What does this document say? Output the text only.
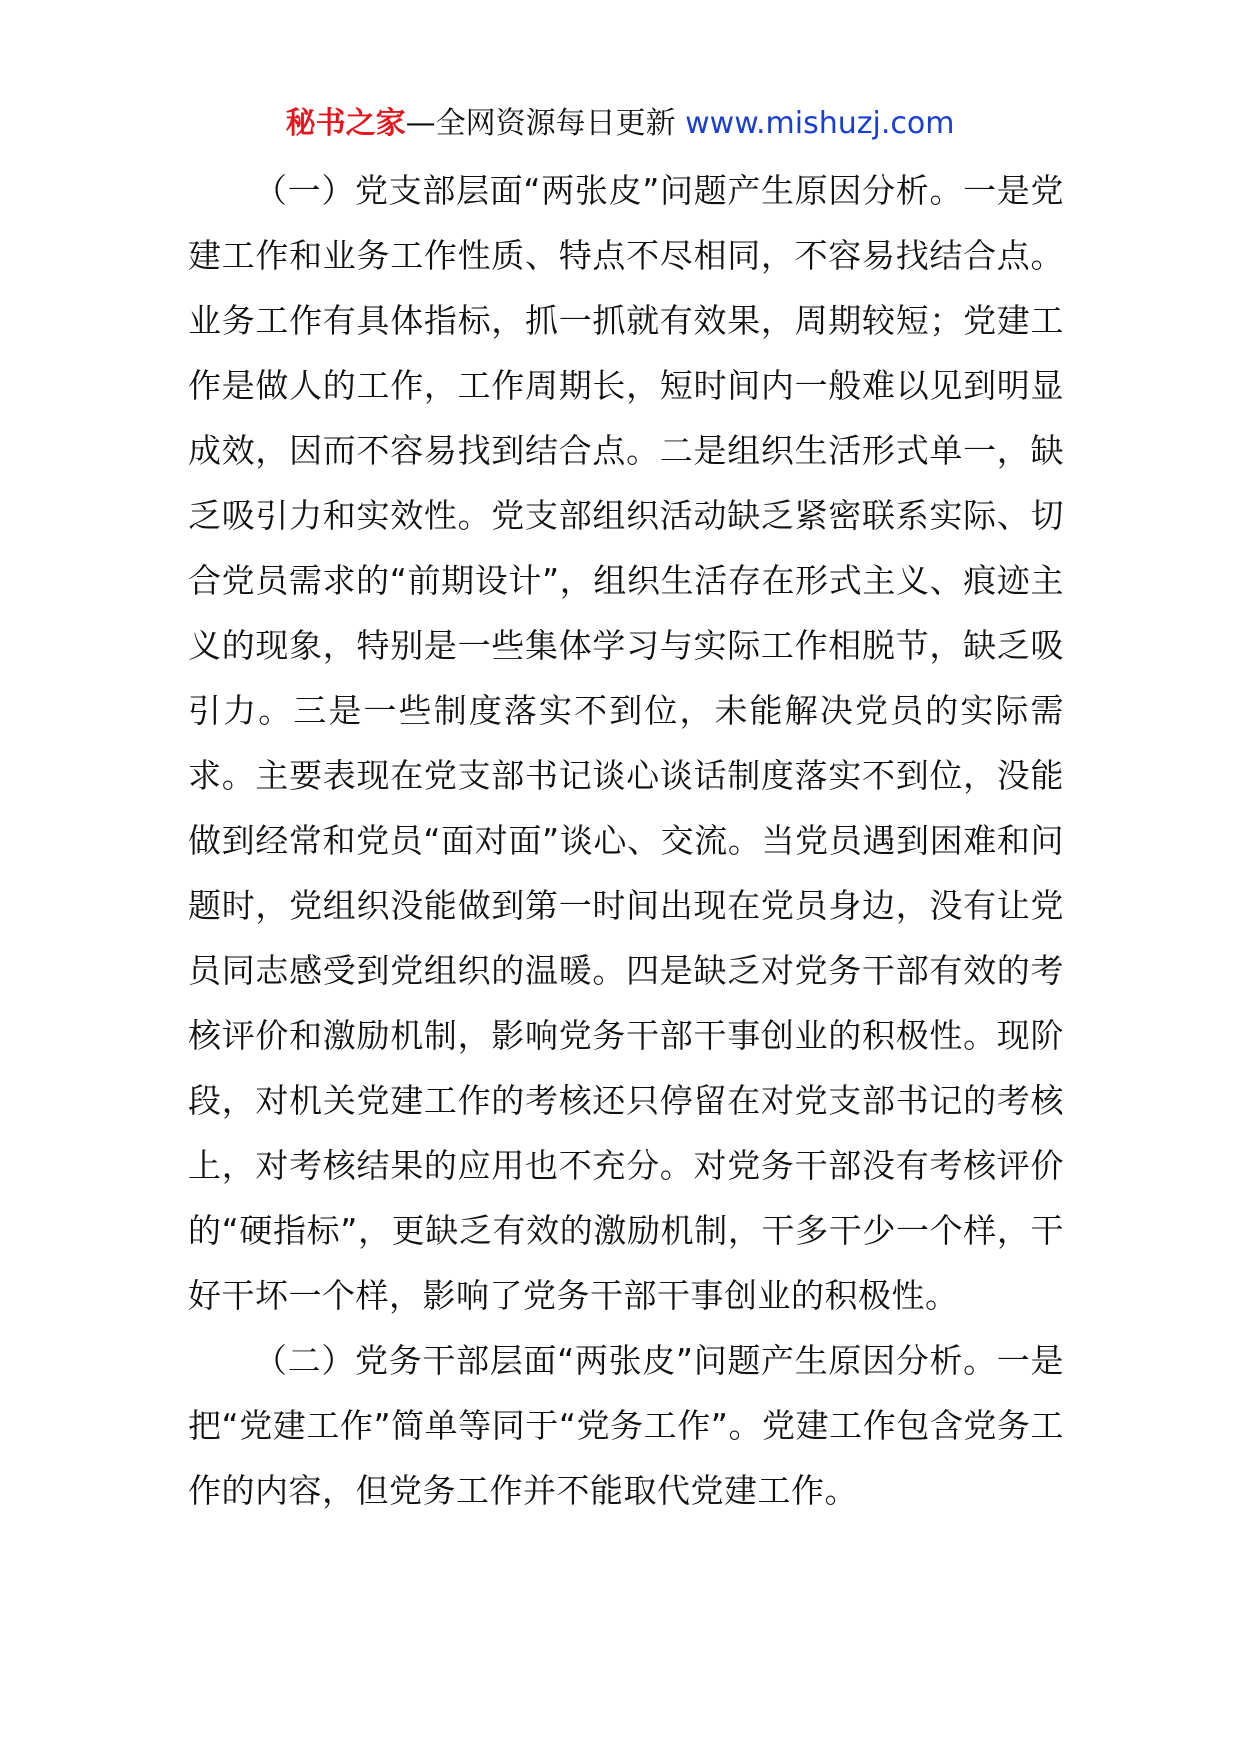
秘书之家—全网资源每日更新 www.mishuzj.com

（一）党支部层面“两张皮”问题产生原因分析。一是党建工作和业务工作性质、特点不尽相同，不容易找结合点。业务工作有具体指标，抓一抓就有效果，周期较短；党建工作是做人的工作，工作周期长，短时间内一般难以见到明显成效，因而不容易找到结合点。二是组织生活形式单一，缺乏吸引力和实效性。党支部组织活动缺乏紧密联系实际、切合党员需求的“前期设计”，组织生活存在形式主义、痕迹主义的现象，特别是一些集体学习与实际工作相脱节，缺乏吸引力。三是一些制度落实不到位，未能解决党员的实际需求。主要表现在党支部书记谈心谈话制度落实不到位，没能做到经常和党员“面对面”谈心、交流。当党员遇到困难和问题时，党组织没能做到第一时间出现在党员身边，没有让党员同志感受到党组织的温暖。四是缺乏对党务干部有效的考核评价和激励机制，影响党务干部干事创业的积极性。现阶段，对机关党建工作的考核还只停留在对党支部书记的考核上，对考核结果的应用也不充分。对党务干部没有考核评价的“硬指标”，更缺乏有效的激励机制，干多干少一个样，干好干坏一个样，影响了党务干部干事创业的积极性。

（二）党务干部层面“两张皮”问题产生原因分析。一是把“党建工作”简单等同于“党务工作”。党建工作包含党务工作的内容，但党务工作并不能取代党建工作。
